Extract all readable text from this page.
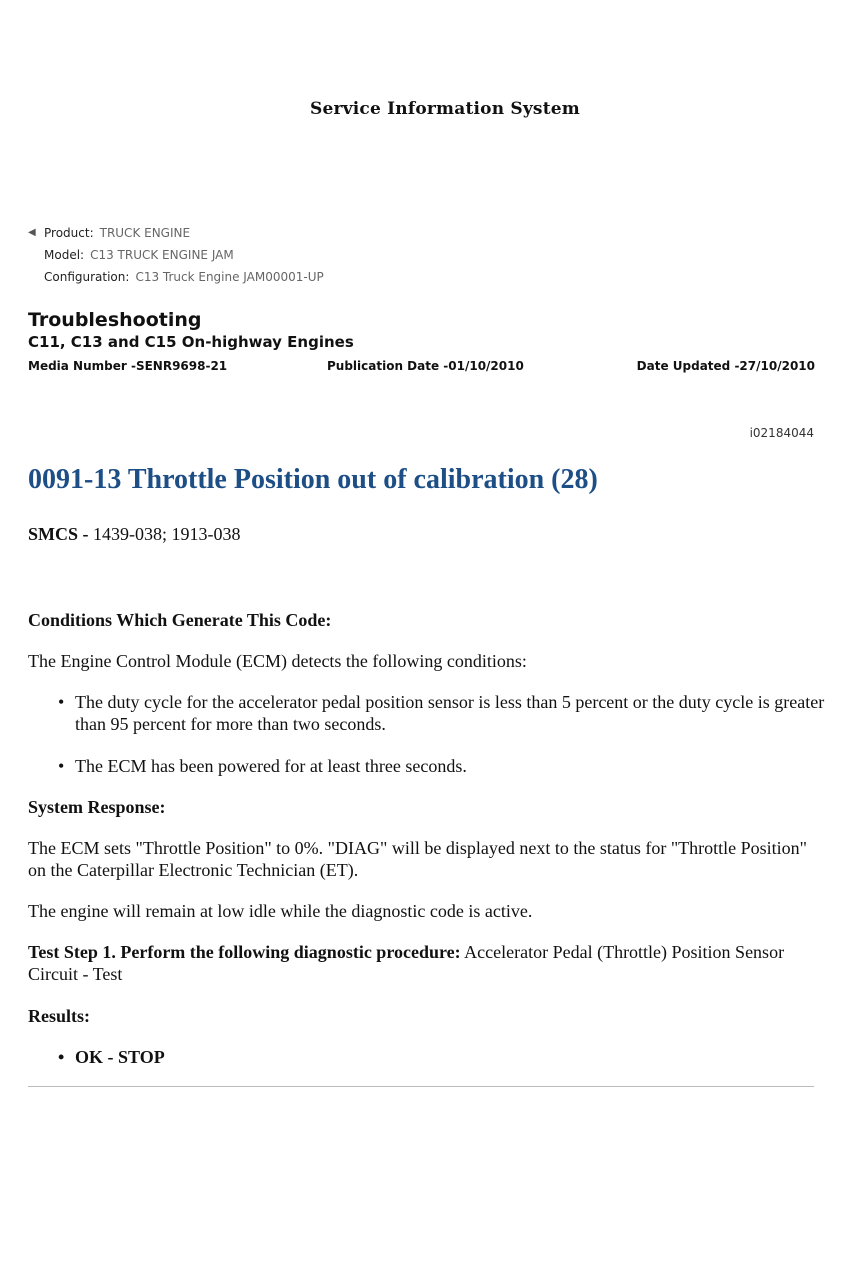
Service Information System
◀ Product: TRUCK ENGINE
Model: C13 TRUCK ENGINE JAM
Configuration: C13 Truck Engine JAM00001-UP
Troubleshooting
C11, C13 and C15 On-highway Engines
Media Number -SENR9698-21	Publication Date -01/10/2010	Date Updated -27/10/2010
i02184044
0091-13 Throttle Position out of calibration (28)
SMCS - 1439-038; 1913-038
Conditions Which Generate This Code:
The Engine Control Module (ECM) detects the following conditions:
• The duty cycle for the accelerator pedal position sensor is less than 5 percent or the duty cycle is greater than 95 percent for more than two seconds.
• The ECM has been powered for at least three seconds.
System Response:
The ECM sets "Throttle Position" to 0%. "DIAG" will be displayed next to the status for "Throttle Position" on the Caterpillar Electronic Technician (ET).
The engine will remain at low idle while the diagnostic code is active.
Test Step 1. Perform the following diagnostic procedure: Accelerator Pedal (Throttle) Position Sensor Circuit - Test
Results:
• OK - STOP
